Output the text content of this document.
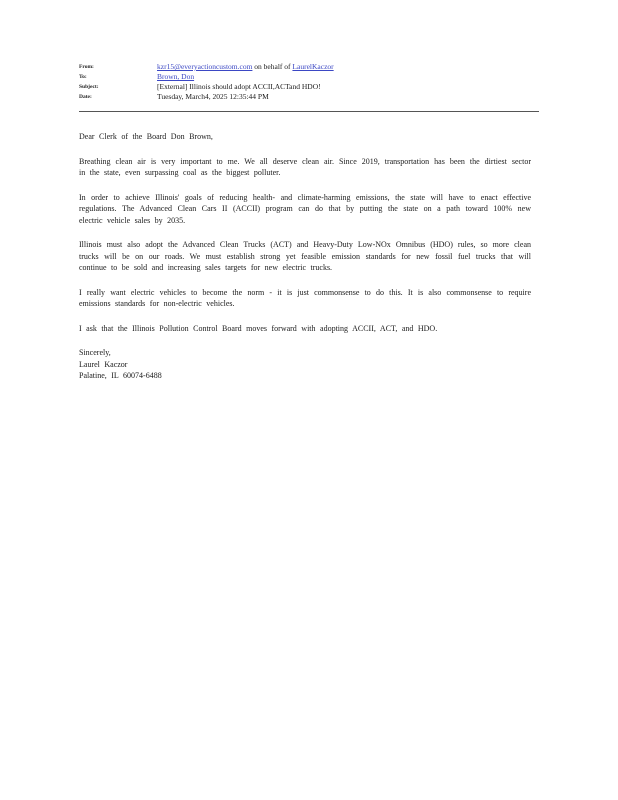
From:	kzr15@everyactioncustom.com on behalf of LaurelKaczor
To:	Brown, Don
Subject:	[External] Illinois should adopt ACCII,ACTand HDO!
Date:	Tuesday, March4, 2025 12:35:44 PM

Dear Clerk of the Board Don Brown,

Breathing clean air is very important to me. We all deserve clean air. Since 2019, transportation has been the dirtiest sector in the state, even surpassing coal as the biggest polluter.

In order to achieve Illinois' goals of reducing health- and climate-harming emissions, the state will have to enact effective regulations. The Advanced Clean Cars II (ACCII) program can do that by putting the state on a path toward 100% new electric vehicle sales by 2035.

Illinois must also adopt the Advanced Clean Trucks (ACT) and Heavy-Duty Low-NOx Omnibus (HDO) rules, so more clean trucks will be on our roads. We must establish strong yet feasible emission standards for new fossil fuel trucks that will continue to be sold and increasing sales targets for new electric trucks.

I really want electric vehicles to become the norm - it is just commonsense to do this. It is also commonsense to require emissions standards for non-electric vehicles.

I ask that the Illinois Pollution Control Board moves forward with adopting ACCII, ACT, and HDO.

Sincerely,
Laurel Kaczor
Palatine, IL 60074-6488
